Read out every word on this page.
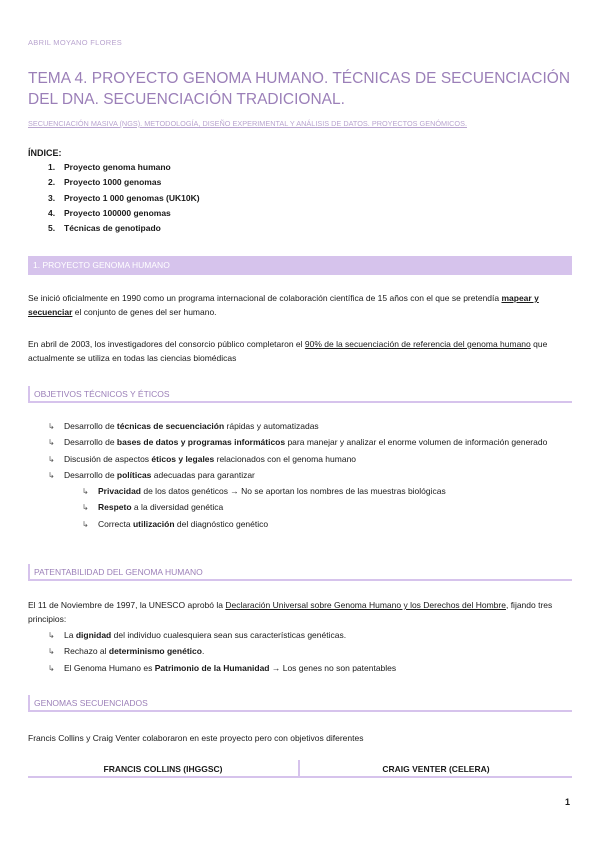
ABRIL MOYANO FLORES
TEMA 4. PROYECTO GENOMA HUMANO. TÉCNICAS DE SECUENCIACIÓN DEL DNA. SECUENCIACIÓN TRADICIONAL.
SECUENCIACIÓN MASIVA (NGS). METODOLOGÍA, DISEÑO EXPERIMENTAL Y ANÁLISIS DE DATOS. PROYECTOS GENÓMICOS.
ÍNDICE:
1.	Proyecto genoma humano
2.	Proyecto 1000 genomas
3.	Proyecto 1 000 genomas (UK10K)
4.	Proyecto 100000 genomas
5.	Técnicas de genotipado
1. PROYECTO GENOMA HUMANO

Se inició oficialmente en 1990 como un programa internacional de colaboración científica de 15 años con el que se pretendía mapear y secuenciar el conjunto de genes del ser humano.

En abril de 2003, los investigadores del consorcio público completaron el 90% de la secuenciación de referencia del genoma humano que actualmente se utiliza en todas las ciencias biomédicas

OBJETIVOS TÉCNICOS Y ÉTICOS
↳ Desarrollo de técnicas de secuenciación rápidas y automatizadas
↳ Desarrollo de bases de datos y programas informáticos para manejar y analizar el enorme volumen de información generado
↳ Discusión de aspectos éticos y legales relacionados con el genoma humano
↳ Desarrollo de políticas adecuadas para garantizar
↳ Privacidad de los datos genéticos → No se aportan los nombres de las muestras biológicas
↳ Respeto a la diversidad genética
↳ Correcta utilización del diagnóstico genético
PATENTABILIDAD DEL GENOMA HUMANO

El 11 de Noviembre de 1997, la UNESCO aprobó la Declaración Universal sobre Genoma Humano y los Derechos del Hombre, fijando tres principios:

↳ La dignidad del individuo cualesquiera sean sus características genéticas.
↳ Rechazo al determinismo genético.
↳ El Genoma Humano es Patrimonio de la Humanidad → Los genes no son patentables
GENOMAS SECUENCIADOS

Francis Collins y Craig Venter colaboraron en este proyecto pero con objetivos diferentes

FRANCIS COLLINS (IHGGSC)	CRAIG VENTER (CELERA)
1
